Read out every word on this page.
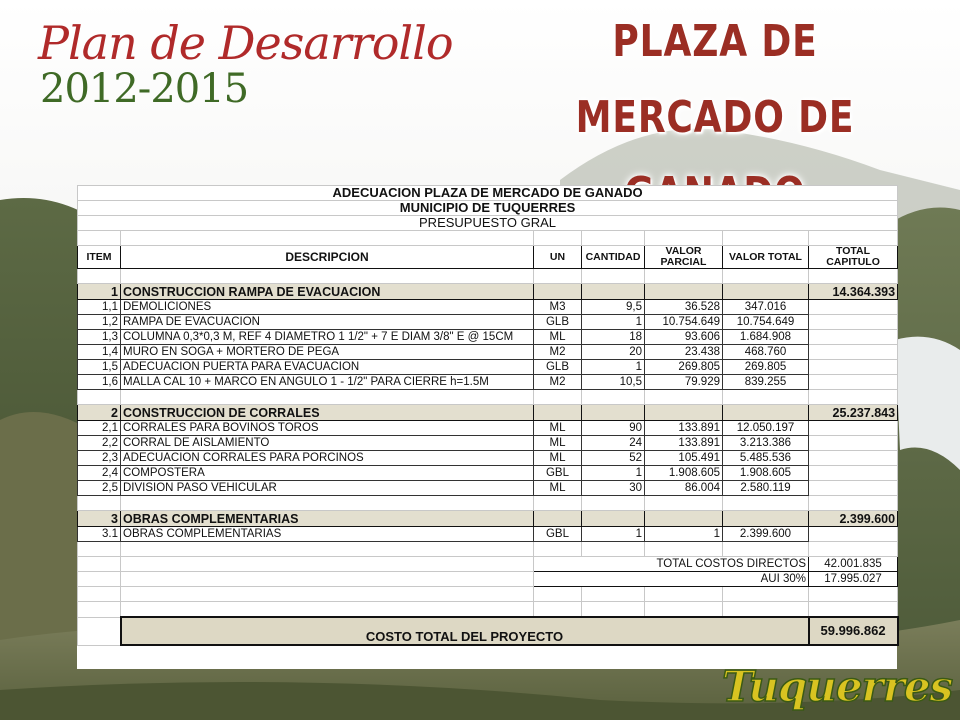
Plan de Desarrollo
2012-2015
PLAZA DE MERCADO DE
ADECUACION PLAZA DE MERCADO DE GANADO						
MUNICIPIO DE TUQUERRES						
PRESUPUESTO GRAL						

ITEM	DESCRIPCION	UN	CANTIDAD	VALOR PARCIAL	VALOR TOTAL	TOTAL CAPITULO

1	CONSTRUCCION RAMPA DE EVACUACION					14.364.393
1,1	DEMOLICIONES	M3	9,5	36.528	347.016	
1,2	RAMPA DE EVACUACION	GLB	1	10.754.649	10.754.649	
1,3	COLUMNA 0,3*0,3 M, REF 4 DIAMETRO 1 1/2" + 7 E DIAM 3/8" E @ 15CM	ML	18	93.606	1.684.908	
1,4	MURO EN SOGA + MORTERO DE PEGA	M2	20	23.438	468.760	
1,5	ADECUACION PUERTA PARA EVACUACION	GLB	1	269.805	269.805	
1,6	MALLA CAL 10 + MARCO EN ANGULO 1 - 1/2" PARA CIERRE h=1.5M	M2	10,5	79.929	839.255	

2	CONSTRUCCION DE CORRALES					25.237.843
2,1	CORRALES PARA BOVINOS TOROS	ML	90	133.891	12.050.197	
2,2	CORRAL DE AISLAMIENTO	ML	24	133.891	3.213.386	
2,3	ADECUACION CORRALES PARA PORCINOS	ML	52	105.491	5.485.536	
2,4	COMPOSTERA	GBL	1	1.908.605	1.908.605	
2,5	DIVISION PASO VEHICULAR	ML	30	86.004	2.580.119	

3	OBRAS COMPLEMENTARIAS					2.399.600
3.1	OBRAS COMPLEMENTARIAS	GBL	1	1	2.399.600	

		TOTAL COSTOS DIRECTOS				42.001.835
		AUI 30%				17.995.027

	COSTO TOTAL DEL PROYECTO					59.996.862
Tuquerres
